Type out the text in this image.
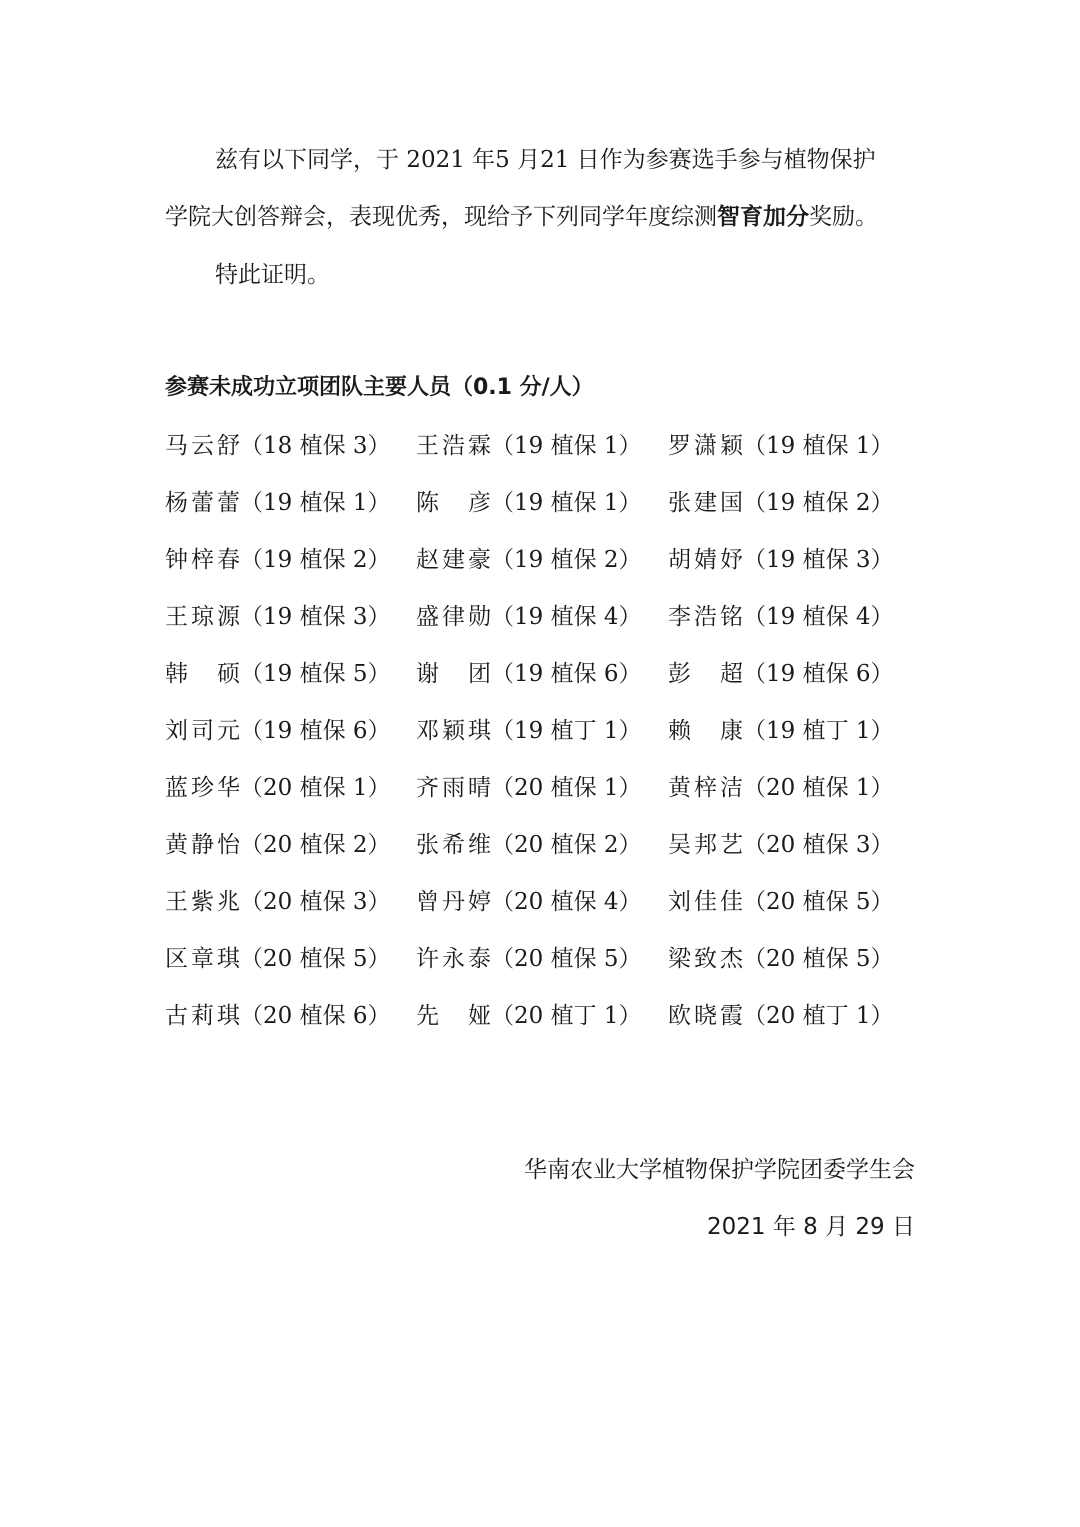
兹有以下同学，于 2021 年5 月21 日作为参赛选手参与植物保护
学院大创答辩会，表现优秀，现给予下列同学年度综测智育加分奖励。
特此证明。
参赛未成功立项团队主要人员（0.1 分/人）
马云舒（18 植保 3） 王浩霖（19 植保 1） 罗潇颖（19 植保 1）
杨蕾蕾（19 植保 1） 陈彦（19 植保 1） 张建国（19 植保 2）
钟梓春（19 植保 2） 赵建豪（19 植保 2） 胡婧妤（19 植保 3）
王琼源（19 植保 3） 盛律勋（19 植保 4） 李浩铭（19 植保 4）
韩硕（19 植保 5） 谢团（19 植保 6） 彭超（19 植保 6）
刘司元（19 植保 6） 邓颖琪（19 植丁 1） 赖康（19 植丁 1）
蓝珍华（20 植保 1） 齐雨晴（20 植保 1） 黄梓洁（20 植保 1）
黄静怡（20 植保 2） 张希维（20 植保 2） 吴邦艺（20 植保 3）
王紫兆（20 植保 3） 曾丹婷（20 植保 4） 刘佳佳（20 植保 5）
区章琪（20 植保 5） 许永泰（20 植保 5） 梁致杰（20 植保 5）
古莉琪（20 植保 6） 先娅（20 植丁 1） 欧晓霞（20 植丁 1）
华南农业大学植物保护学院团委学生会
2021 年 8 月 29 日
